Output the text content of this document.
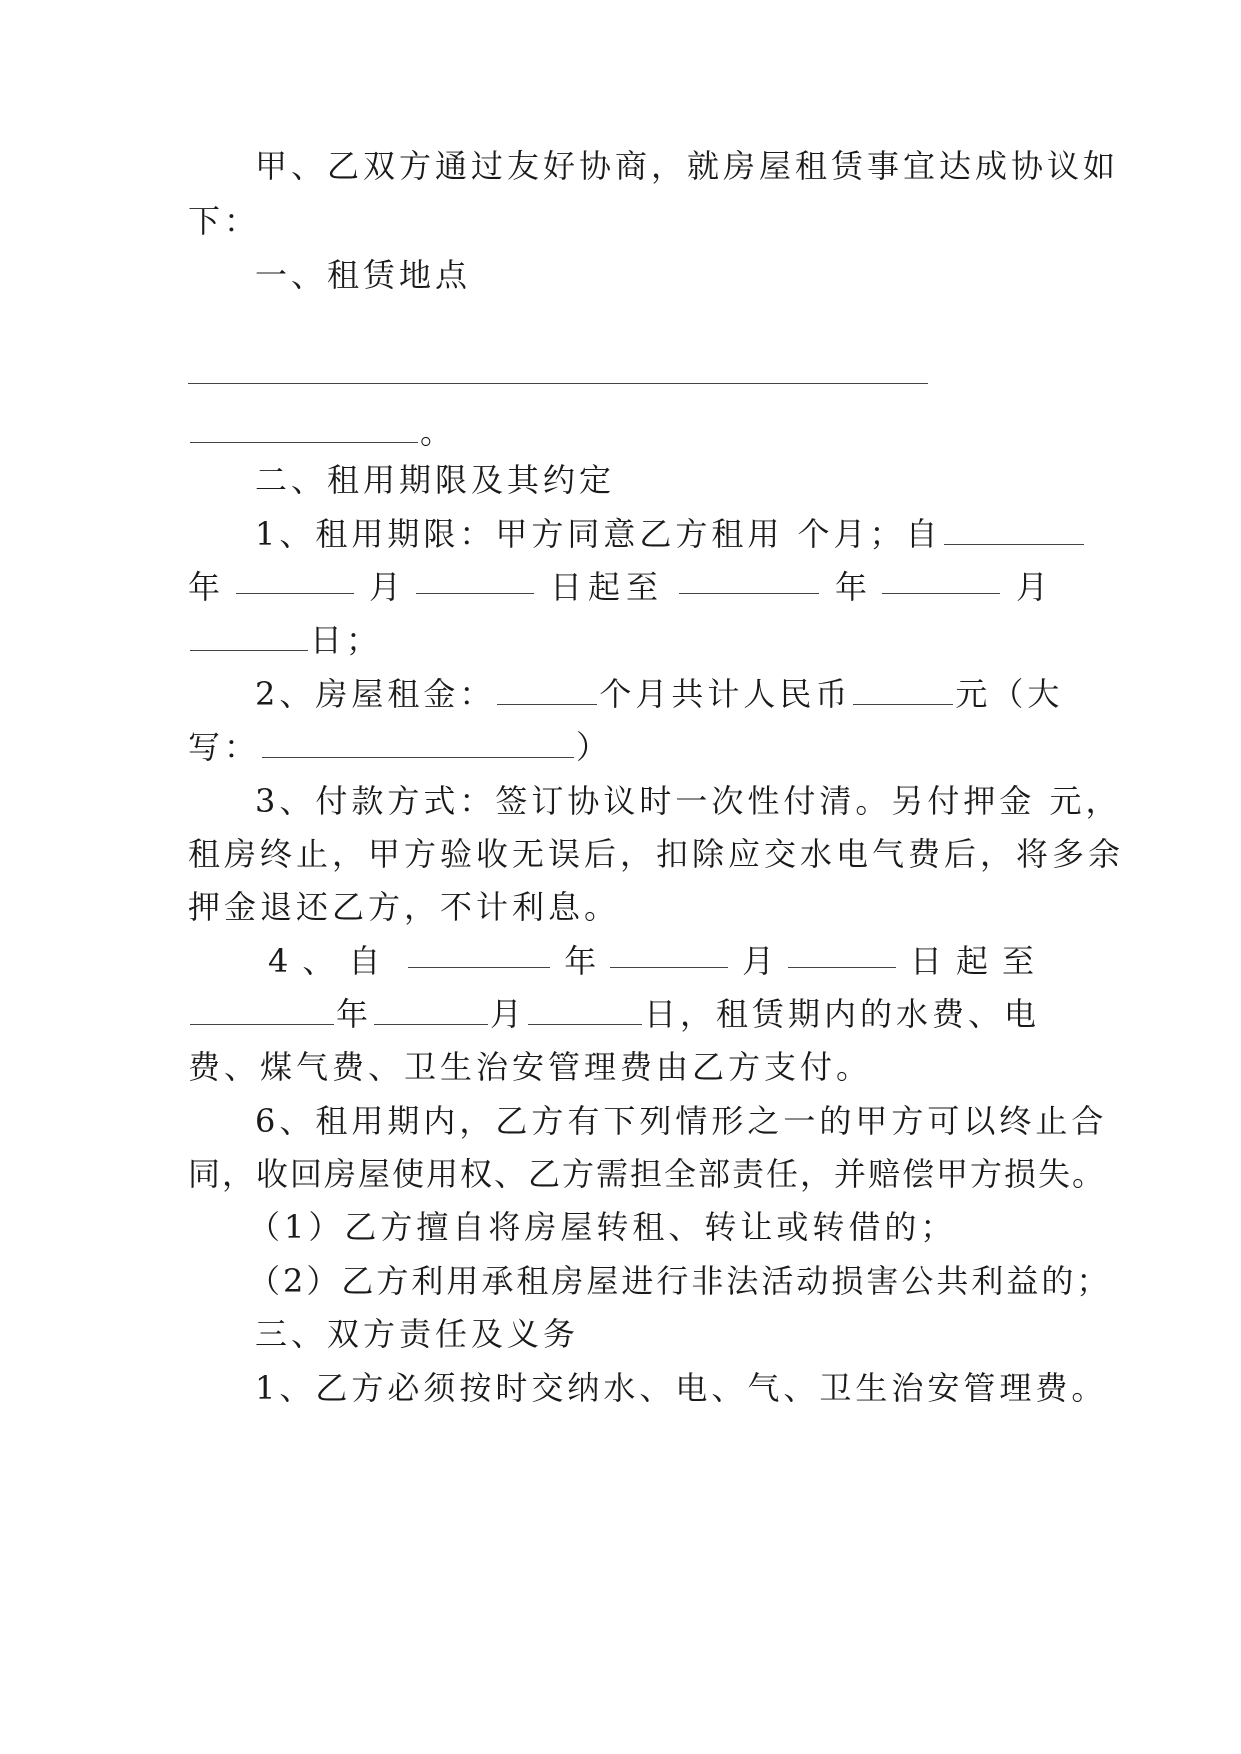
甲、乙双方通过友好协商，就房屋租赁事宜达成协议如
下：
一、租赁地点
。
二、租用期限及其约定
1、租用期限：甲方同意乙方租用 个月；自
年	月	日起至	年	月
日；
2、房屋租金：	个月共计人民币	元（大
写：	）
3、付款方式：签订协议时一次性付清。另付押金 元，
租房终止，甲方验收无误后，扣除应交水电气费后，将多余
押金退还乙方，不计利息。
4、自	年	月	日起至
年	月	日，租赁期内的水费、电
费、煤气费、卫生治安管理费由乙方支付。
6、租用期内，乙方有下列情形之一的甲方可以终止合
同，收回房屋使用权、乙方需担全部责任，并赔偿甲方损失。
（1）乙方擅自将房屋转租、转让或转借的；
（2）乙方利用承租房屋进行非法活动损害公共利益的；
三、双方责任及义务
1、乙方必须按时交纳水、电、气、卫生治安管理费。
